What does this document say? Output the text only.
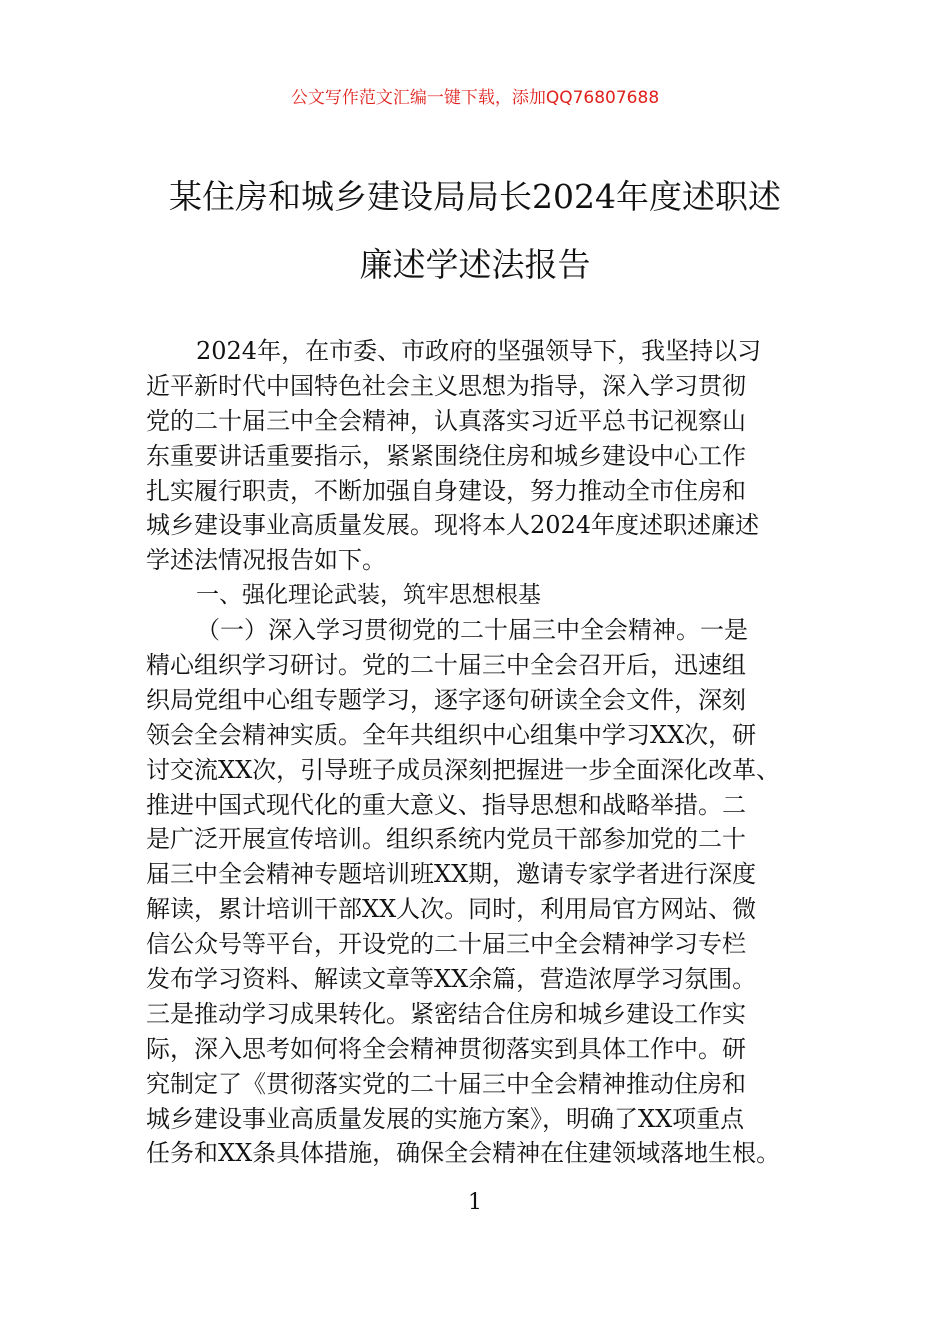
公文写作范文汇编一键下载，添加QQ76807688
某住房和城乡建设局局长2024年度述职述
廉述学述法报告
2024年，在市委、市政府的坚强领导下，我坚持以习
近平新时代中国特色社会主义思想为指导，深入学习贯彻
党的二十届三中全会精神，认真落实习近平总书记视察山
东重要讲话重要指示，紧紧围绕住房和城乡建设中心工作
扎实履行职责，不断加强自身建设，努力推动全市住房和
城乡建设事业高质量发展。现将本人2024年度述职述廉述
学述法情况报告如下。
一、强化理论武装，筑牢思想根基
（一）深入学习贯彻党的二十届三中全会精神。一是
精心组织学习研讨。党的二十届三中全会召开后，迅速组
织局党组中心组专题学习，逐字逐句研读全会文件，深刻
领会全会精神实质。全年共组织中心组集中学习XX次，研
讨交流XX次，引导班子成员深刻把握进一步全面深化改革、
推进中国式现代化的重大意义、指导思想和战略举措。二
是广泛开展宣传培训。组织系统内党员干部参加党的二十
届三中全会精神专题培训班XX期，邀请专家学者进行深度
解读，累计培训干部XX人次。同时，利用局官方网站、微
信公众号等平台，开设党的二十届三中全会精神学习专栏
发布学习资料、解读文章等XX余篇，营造浓厚学习氛围。
三是推动学习成果转化。紧密结合住房和城乡建设工作实
际，深入思考如何将全会精神贯彻落实到具体工作中。研
究制定了《贯彻落实党的二十届三中全会精神推动住房和
城乡建设事业高质量发展的实施方案》，明确了XX项重点
任务和XX条具体措施，确保全会精神在住建领域落地生根。
1
